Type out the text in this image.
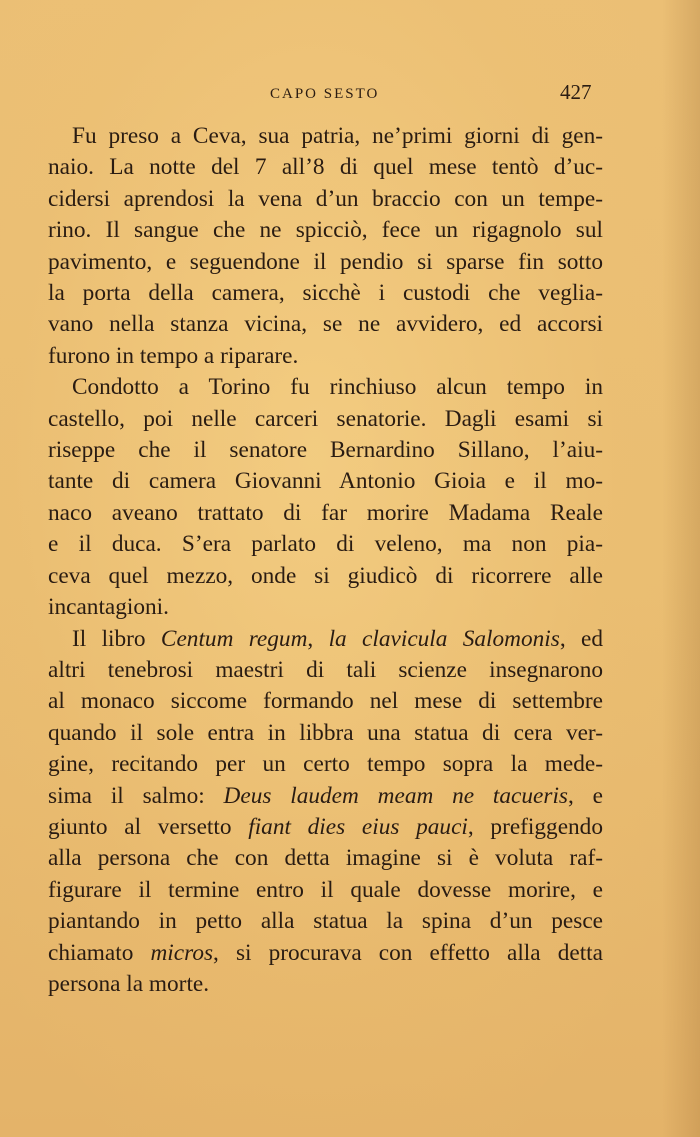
CAPO SESTO	427
Fu preso a Ceva, sua patria, ne’primi giorni di gen-
naio. La notte del 7 all’8 di quel mese tentò d’uc-
cidersi aprendosi la vena d’un braccio con un tempe-
rino. Il sangue che ne spicciò, fece un rigagnolo sul
pavimento, e seguendone il pendio si sparse fin sotto
la porta della camera, sicchè i custodi che veglia-
vano nella stanza vicina, se ne avvidero, ed accorsi
furono in tempo a riparare.
Condotto a Torino fu rinchiuso alcun tempo in
castello, poi nelle carceri senatorie. Dagli esami si
riseppe che il senatore Bernardino Sillano, l’aiu-
tante di camera Giovanni Antonio Gioia e il mo-
naco aveano trattato di far morire Madama Reale
e il duca. S’era parlato di veleno, ma non pia-
ceva quel mezzo, onde si giudicò di ricorrere alle
incantagioni.
Il libro Centum regum, la clavicula Salomonis, ed
altri tenebrosi maestri di tali scienze insegnarono
al monaco siccome formando nel mese di settembre
quando il sole entra in libbra una statua di cera ver-
gine, recitando per un certo tempo sopra la mede-
sima il salmo: Deus laudem meam ne tacueris, e
giunto al versetto fiant dies eius pauci, prefiggendo
alla persona che con detta imagine si è voluta raf-
figurare il termine entro il quale dovesse morire, e
piantando in petto alla statua la spina d’un pesce
chiamato micros, si procurava con effetto alla detta
persona la morte.
